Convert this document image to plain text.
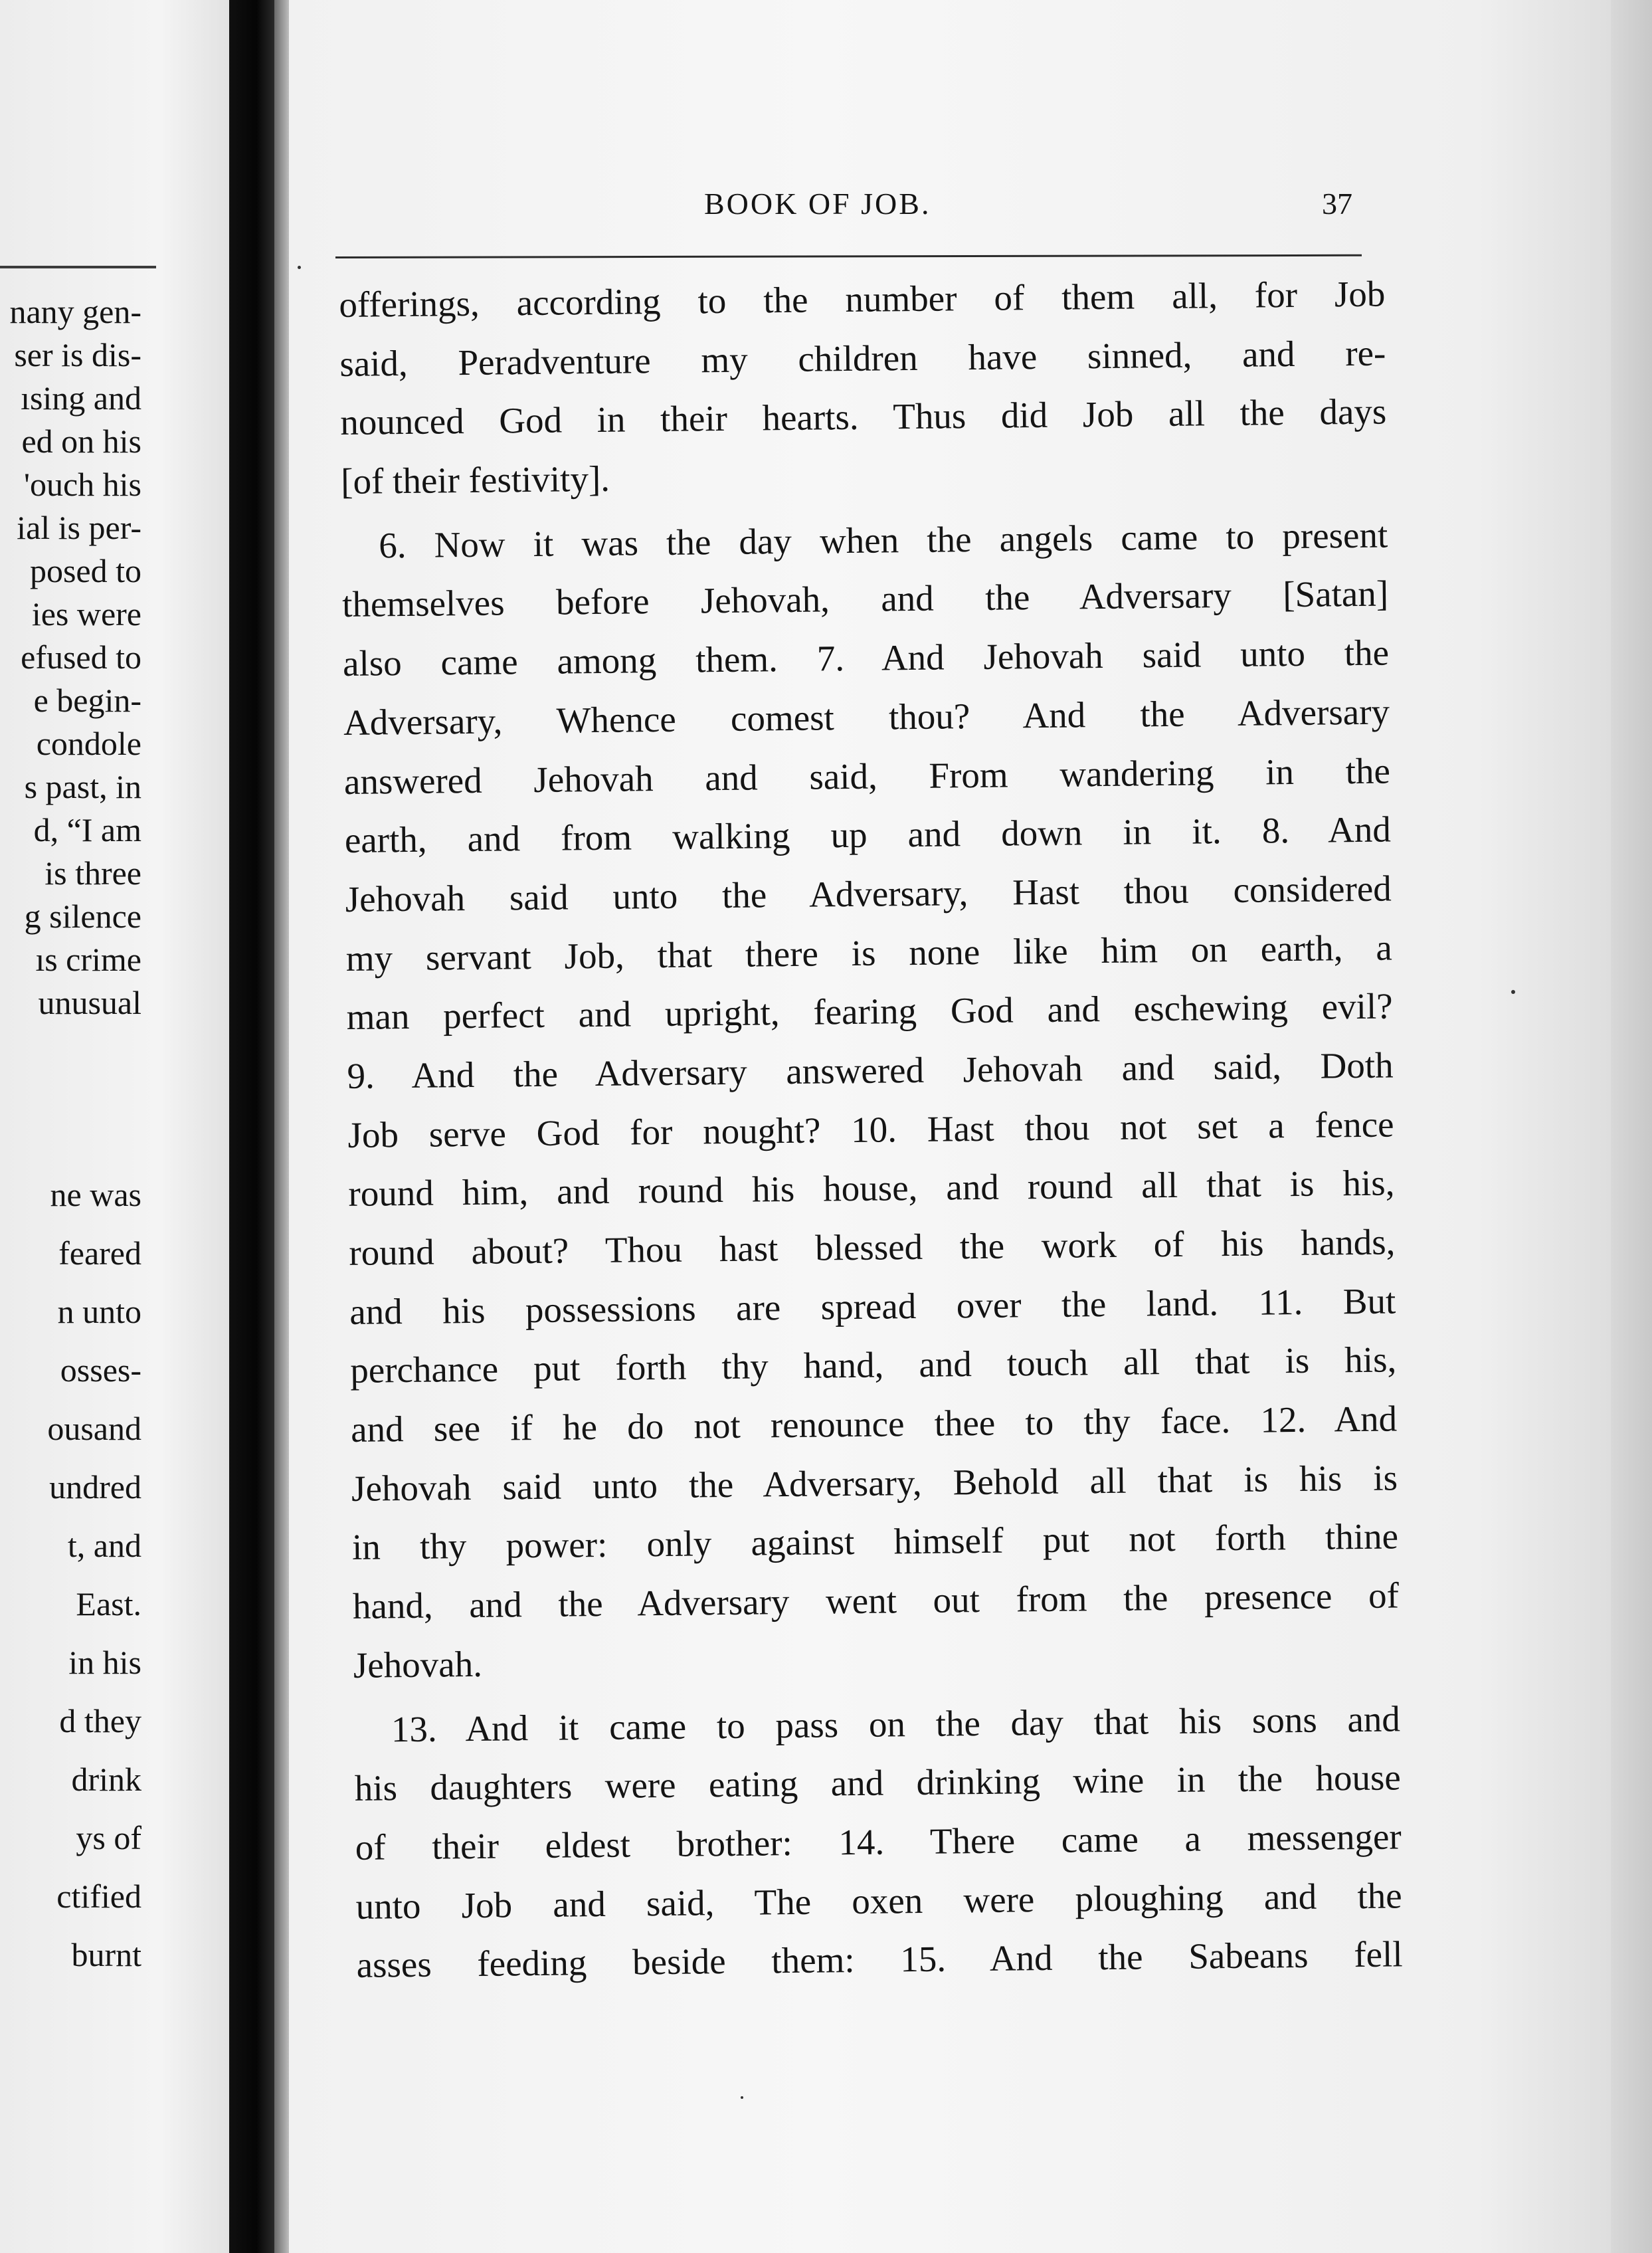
nany gen-
ser is dis-
ısing and
ed on his
'ouch his
ial is per-
posed to
ies were
efused to
e begin-
condole
s past, in
d, “I am
is three
g silence
ıs crime
unusual
ne was
feared
n unto
osses-
ousand
undred
t, and
East.
in his
d they
drink
ys of
ctified
burnt
BOOK OF JOB.	37
offerings, according to the number of them all, for Job
said, Peradventure my children have sinned, and re-
nounced God in their hearts. Thus did Job all the days
[of their festivity].
6. Now it was the day when the angels came to present
themselves before Jehovah, and the Adversary [Satan]
also came among them. 7. And Jehovah said unto the
Adversary, Whence comest thou? And the Adversary
answered Jehovah and said, From wandering in the
earth, and from walking up and down in it. 8. And
Jehovah said unto the Adversary, Hast thou considered
my servant Job, that there is none like him on earth, a
man perfect and upright, fearing God and eschewing evil?
9. And the Adversary answered Jehovah and said, Doth
Job serve God for nought? 10. Hast thou not set a fence
round him, and round his house, and round all that is his,
round about? Thou hast blessed the work of his hands,
and his possessions are spread over the land. 11. But
perchance put forth thy hand, and touch all that is his,
and see if he do not renounce thee to thy face. 12. And
Jehovah said unto the Adversary, Behold all that is his is
in thy power: only against himself put not forth thine
hand, and the Adversary went out from the presence of
Jehovah.
13. And it came to pass on the day that his sons and
his daughters were eating and drinking wine in the house
of their eldest brother: 14. There came a messenger
unto Job and said, The oxen were ploughing and the
asses feeding beside them: 15. And the Sabeans fell
